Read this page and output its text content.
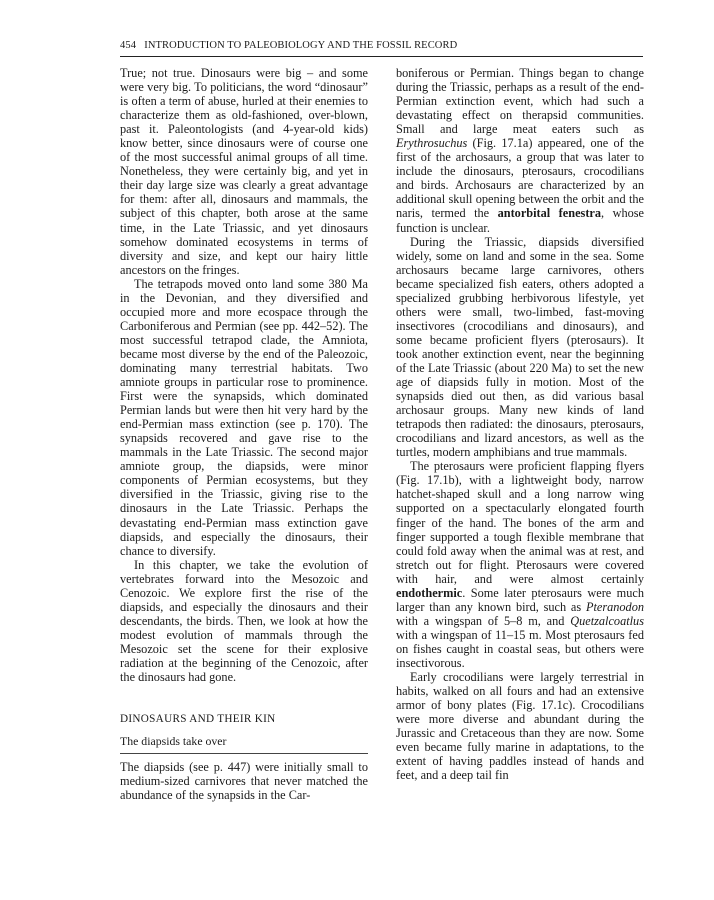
454 INTRODUCTION TO PALEOBIOLOGY AND THE FOSSIL RECORD

True; not true. Dinosaurs were big – and some were very big. To politicians, the word “dinosaur” is often a term of abuse, hurled at their enemies to characterize them as old-fashioned, over-blown, past it. Paleontologists (and 4-year-old kids) know better, since dinosaurs were of course one of the most successful animal groups of all time. Nonetheless, they were certainly big, and yet in their day large size was clearly a great advantage for them: after all, dinosaurs and mammals, the subject of this chapter, both arose at the same time, in the Late Triassic, and yet dinosaurs somehow dominated ecosystems in terms of diversity and size, and kept our hairy little ancestors on the fringes.

The tetrapods moved onto land some 380 Ma in the Devonian, and they diversified and occupied more and more ecospace through the Carboniferous and Permian (see pp. 442–52). The most successful tetrapod clade, the Amniota, became most diverse by the end of the Paleozoic, dominating many terrestrial habitats. Two amniote groups in particular rose to prominence. First were the synapsids, which dominated Permian lands but were then hit very hard by the end-Permian mass extinction (see p. 170). The synapsids recovered and gave rise to the mammals in the Late Triassic. The second major amniote group, the diapsids, were minor components of Permian ecosystems, but they diversified in the Triassic, giving rise to the dinosaurs in the Late Triassic. Perhaps the devastating end-Permian mass extinction gave diapsids, and especially the dinosaurs, their chance to diversify.

In this chapter, we take the evolution of vertebrates forward into the Mesozoic and Cenozoic. We explore first the rise of the diapsids, and especially the dinosaurs and their descendants, the birds. Then, we look at how the modest evolution of mammals through the Mesozoic set the scene for their explosive radiation at the beginning of the Cenozoic, after the dinosaurs had gone.

DINOSAURS AND THEIR KIN
The diapsids take over

The diapsids (see p. 447) were initially small to medium-sized carnivores that never matched the abundance of the synapsids in the Car-

boniferous or Permian. Things began to change during the Triassic, perhaps as a result of the end-Permian extinction event, which had such a devastating effect on therapsid communities. Small and large meat eaters such as Erythrosuchus (Fig. 17.1a) appeared, one of the first of the archosaurs, a group that was later to include the dinosaurs, pterosaurs, crocodilians and birds. Archosaurs are characterized by an additional skull opening between the orbit and the naris, termed the antorbital fenestra, whose function is unclear.

During the Triassic, diapsids diversified widely, some on land and some in the sea. Some archosaurs became large carnivores, others became specialized fish eaters, others adopted a specialized grubbing herbivorous lifestyle, yet others were small, two-limbed, fast-moving insectivores (crocodilians and dinosaurs), and some became proficient flyers (pterosaurs). It took another extinction event, near the beginning of the Late Triassic (about 220 Ma) to set the new age of diapsids fully in motion. Most of the synapsids died out then, as did various basal archosaur groups. Many new kinds of land tetrapods then radiated: the dinosaurs, pterosaurs, crocodilians and lizard ancestors, as well as the turtles, modern amphibians and true mammals.

The pterosaurs were proficient flapping flyers (Fig. 17.1b), with a lightweight body, narrow hatchet-shaped skull and a long narrow wing supported on a spectacularly elongated fourth finger of the hand. The bones of the arm and finger supported a tough flexible membrane that could fold away when the animal was at rest, and stretch out for flight. Pterosaurs were covered with hair, and were almost certainly endothermic. Some later pterosaurs were much larger than any known bird, such as Pteranodon with a wingspan of 5–8 m, and Quetzalcoatlus with a wingspan of 11–15 m. Most pterosaurs fed on fishes caught in coastal seas, but others were insectivorous.

Early crocodilians were largely terrestrial in habits, walked on all fours and had an extensive armor of bony plates (Fig. 17.1c). Crocodilians were more diverse and abundant during the Jurassic and Cretaceous than they are now. Some even became fully marine in adaptations, to the extent of having paddles instead of hands and feet, and a deep tail fin
